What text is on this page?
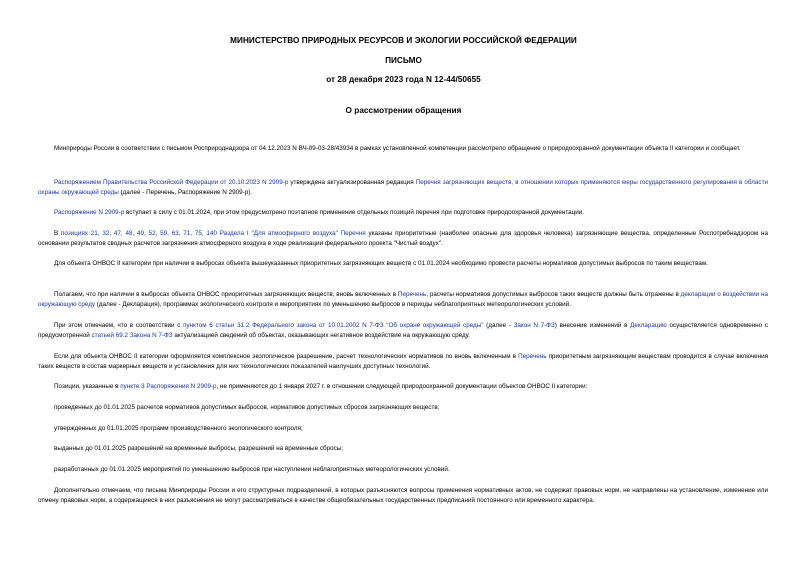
МИНИСТЕРСТВО ПРИРОДНЫХ РЕСУРСОВ И ЭКОЛОГИИ РОССИЙСКОЙ ФЕДЕРАЦИИ
ПИСЬМО
от 28 декабря 2023 года N 12-44/50655
О рассмотрении обращения
Минприроды России в соответствии с письмом Росприроднадзора от 04.12.2023 N ВЧ-09-03-28/43934 в рамках установленной компетенции рассмотрело обращение о природоохранной документации объекта II категории и сообщает.
Распоряжением Правительства Российской Федерации от 20.10.2023 N 2909-р утверждена актуализированная редакция Перечня загрязняющих веществ, в отношении которых применяются меры государственного регулирования в области охраны окружающей среды (далее - Перечень, Распоряжение N 2909-р).
Распоряжение N 2909-р вступает в силу с 01.01.2024, при этом предусмотрено поэтапное применение отдельных позиций перечня при подготовке природоохранной документации.
В позициях 21, 32, 47, 48, 49, 52, 59, 63, 71, 75, 140 Раздела I "Для атмосферного воздуха" Перечня указаны приоритетные (наиболее опасные для здоровья человека) загрязняющие вещества, определенные Роспотребнадзором на основании результатов сводных расчетов загрязнения атмосферного воздуха в ходе реализации федерального проекта "Чистый воздух".
Для объекта ОНВОС II категории при наличии в выбросах объекта вышеуказанных приоритетных загрязняющих веществ с 01.01.2024 необходимо провести расчеты нормативов допустимых выбросов по таким веществам.
Полагаем, что при наличии в выбросах объекта ОНВОС приоритетных загрязняющих веществ, вновь включенных в Перечень, расчеты нормативов допустимых выбросов таких веществ должны быть отражены в декларации о воздействии на окружающую среду (далее - Декларация), программах экологического контроля и мероприятиях по уменьшению выбросов в периоды неблагоприятных метеорологических условий.
При этом отмечаем, что в соответствии с пунктом 6 статьи 31.2 Федерального закона от 10.01.2002 N 7-ФЗ "Об охране окружающей среды" (далее - Закон N 7-ФЗ) внесение изменений в Декларацию осуществляется одновременно с предусмотренной статьей 69.2 Закона N 7-ФЗ актуализацией сведений об объектах, оказывающих негативное воздействие на окружающую среду.
Если для объекта ОНВОС II категории оформляется комплексное экологическое разрешение, расчет технологических нормативов по вновь включенным в Перечень приоритетным загрязняющим веществам проводится в случае включения таких веществ в состав маркерных веществ и установления для них технологических показателей наилучших доступных технологий.
Позиции, указанные в пункте 3 Распоряжения N 2909-р, не применяются до 1 января 2027 г. в отношении следующей природоохранной документации объектов ОНВОС II категории:
проведенных до 01.01.2025 расчетов нормативов допустимых выбросов, нормативов допустимых сбросов загрязняющих веществ;
утвержденных до 01.01.2025 программ производственного экологического контроля;
выданных до 01.01.2025 разрешений на временные выбросы, разрешений на временные сбросы;
разработанных до 01.01.2025 мероприятий по уменьшению выбросов при наступлении неблагоприятных метеорологических условий.
Дополнительно отмечаем, что письма Минприроды России и его структурных подразделений, в которых разъясняются вопросы применения нормативных актов, не содержат правовых норм, не направлены на установление, изменение или отмену правовых норм, а содержащиеся в них разъяснения не могут рассматриваться в качестве общеобязательных государственных предписаний постоянного или временного характера.
